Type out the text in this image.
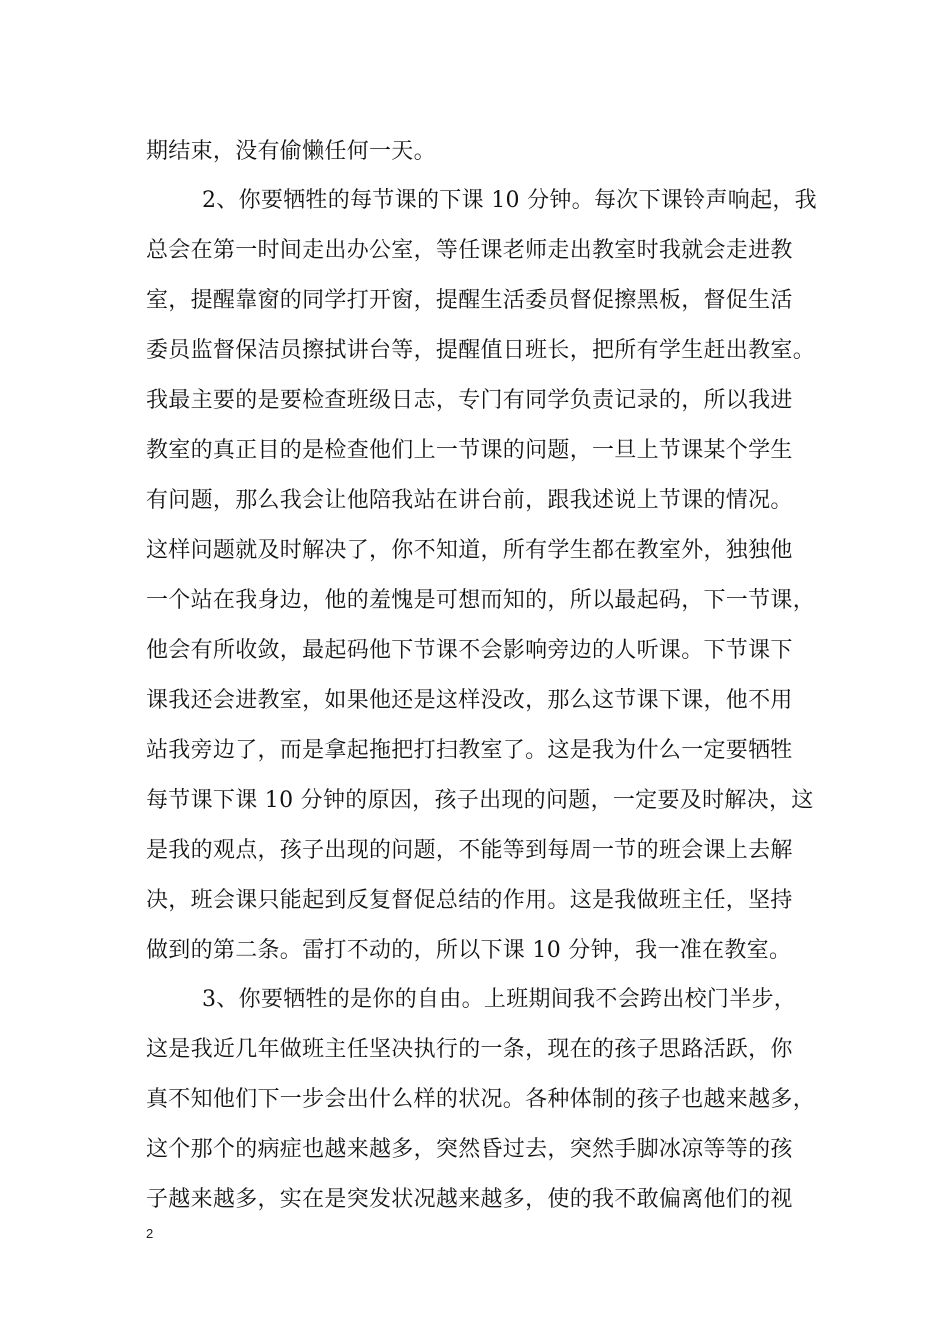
期结束，没有偷懒任何一天。
2、你要牺牲的每节课的下课 10 分钟。每次下课铃声响起，我
总会在第一时间走出办公室，等任课老师走出教室时我就会走进教
室，提醒靠窗的同学打开窗，提醒生活委员督促擦黑板，督促生活
委员监督保洁员擦拭讲台等，提醒值日班长，把所有学生赶出教室。
我最主要的是要检查班级日志，专门有同学负责记录的，所以我进
教室的真正目的是检查他们上一节课的问题，一旦上节课某个学生
有问题，那么我会让他陪我站在讲台前，跟我述说上节课的情况。
这样问题就及时解决了，你不知道，所有学生都在教室外，独独他
一个站在我身边，他的羞愧是可想而知的，所以最起码，下一节课，
他会有所收敛，最起码他下节课不会影响旁边的人听课。下节课下
课我还会进教室，如果他还是这样没改，那么这节课下课，他不用
站我旁边了，而是拿起拖把打扫教室了。这是我为什么一定要牺牲
每节课下课 10 分钟的原因，孩子出现的问题，一定要及时解决，这
是我的观点，孩子出现的问题，不能等到每周一节的班会课上去解
决，班会课只能起到反复督促总结的作用。这是我做班主任，坚持
做到的第二条。雷打不动的，所以下课 10 分钟，我一准在教室。
3、你要牺牲的是你的自由。上班期间我不会跨出校门半步，
这是我近几年做班主任坚决执行的一条，现在的孩子思路活跃，你
真不知他们下一步会出什么样的状况。各种体制的孩子也越来越多，
这个那个的病症也越来越多，突然昏过去，突然手脚冰凉等等的孩
子越来越多，实在是突发状况越来越多，使的我不敢偏离他们的视
2
